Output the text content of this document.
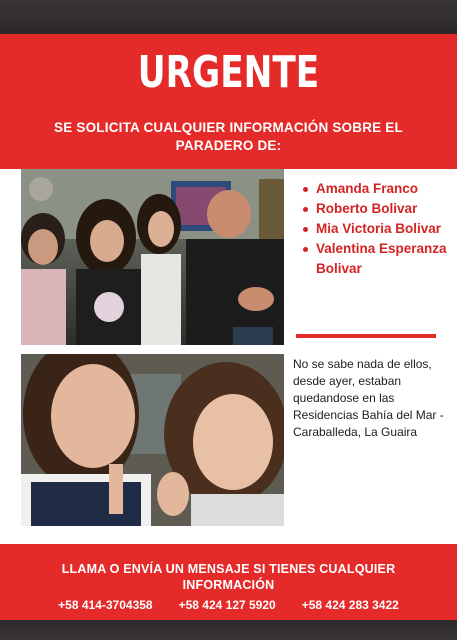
URGENTE
SE SOLICITA CUALQUIER INFORMACIÓN SOBRE EL PARADERO DE:
Amanda Franco
Roberto Bolivar
Mia Victoria Bolivar
Valentina Esperanza Bolivar
No se sabe nada de ellos, desde ayer, estaban quedandose en las Residencias Bahía del Mar - Caraballeda, La Guaira
LLAMA O ENVÍA UN MENSAJE SI TIENES CUALQUIER INFORMACIÓN
+58 414-3704358 +58 424 127 5920 +58 424 283 3422
